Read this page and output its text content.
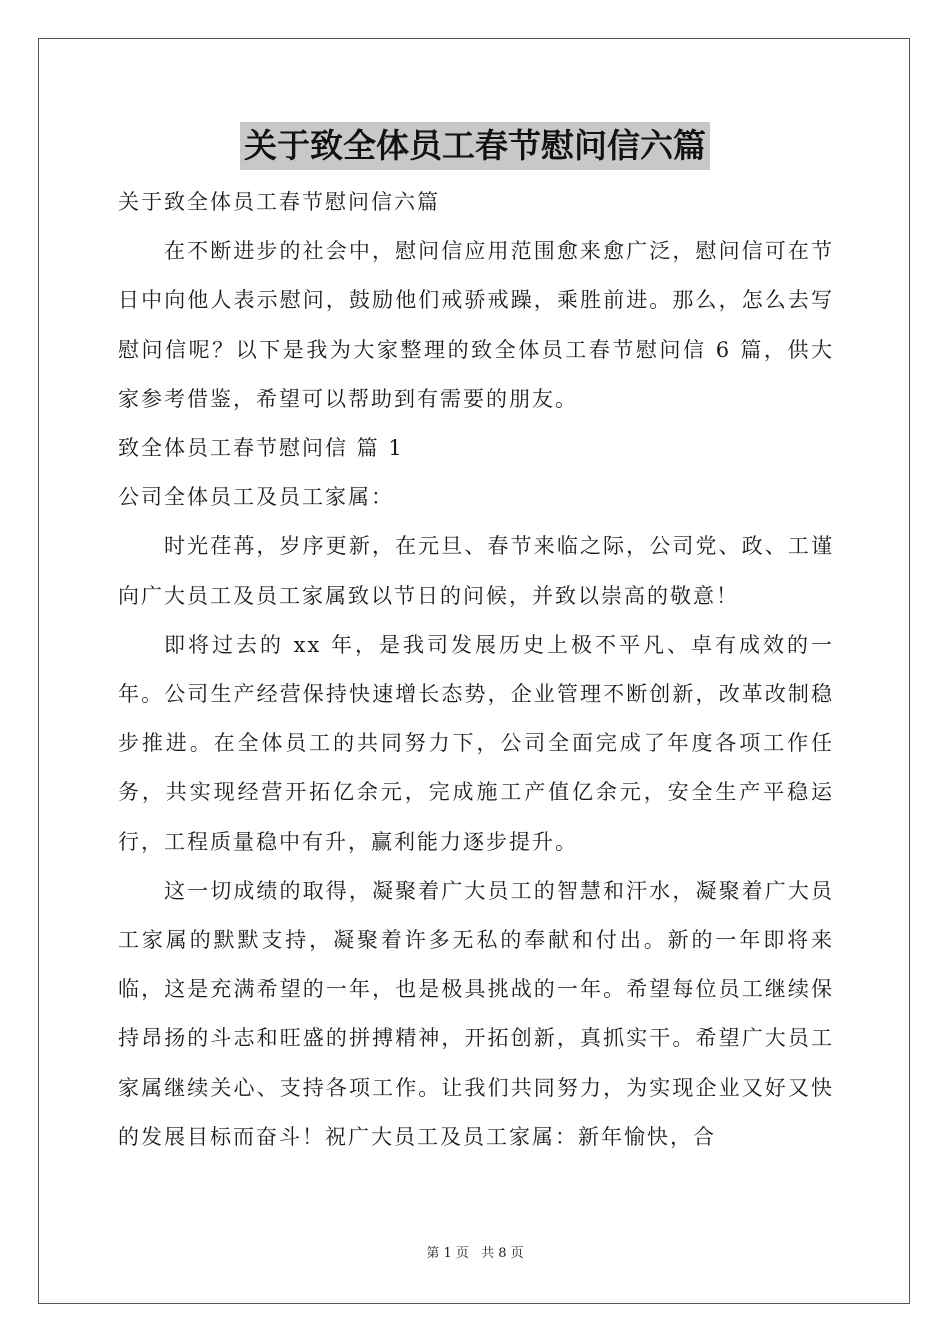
关于致全体员工春节慰问信六篇

关于致全体员工春节慰问信六篇

在不断进步的社会中，慰问信应用范围愈来愈广泛，慰问信可在节日中向他人表示慰问，鼓励他们戒骄戒躁，乘胜前进。那么，怎么去写慰问信呢？以下是我为大家整理的致全体员工春节慰问信 6 篇，供大家参考借鉴，希望可以帮助到有需要的朋友。

致全体员工春节慰问信 篇 1

公司全体员工及员工家属：

时光荏苒，岁序更新，在元旦、春节来临之际，公司党、政、工谨向广大员工及员工家属致以节日的问候，并致以崇高的敬意！

即将过去的 xx 年，是我司发展历史上极不平凡、卓有成效的一年。公司生产经营保持快速增长态势，企业管理不断创新，改革改制稳步推进。在全体员工的共同努力下，公司全面完成了年度各项工作任务，共实现经营开拓亿余元，完成施工产值亿余元，安全生产平稳运行，工程质量稳中有升，赢利能力逐步提升。

这一切成绩的取得，凝聚着广大员工的智慧和汗水，凝聚着广大员工家属的默默支持，凝聚着许多无私的奉献和付出。新的一年即将来临，这是充满希望的一年，也是极具挑战的一年。希望每位员工继续保持昂扬的斗志和旺盛的拼搏精神，开拓创新，真抓实干。希望广大员工家属继续关心、支持各项工作。让我们共同努力，为实现企业又好又快的发展目标而奋斗！祝广大员工及员工家属：新年愉快，合

第 1 页 共 8 页
